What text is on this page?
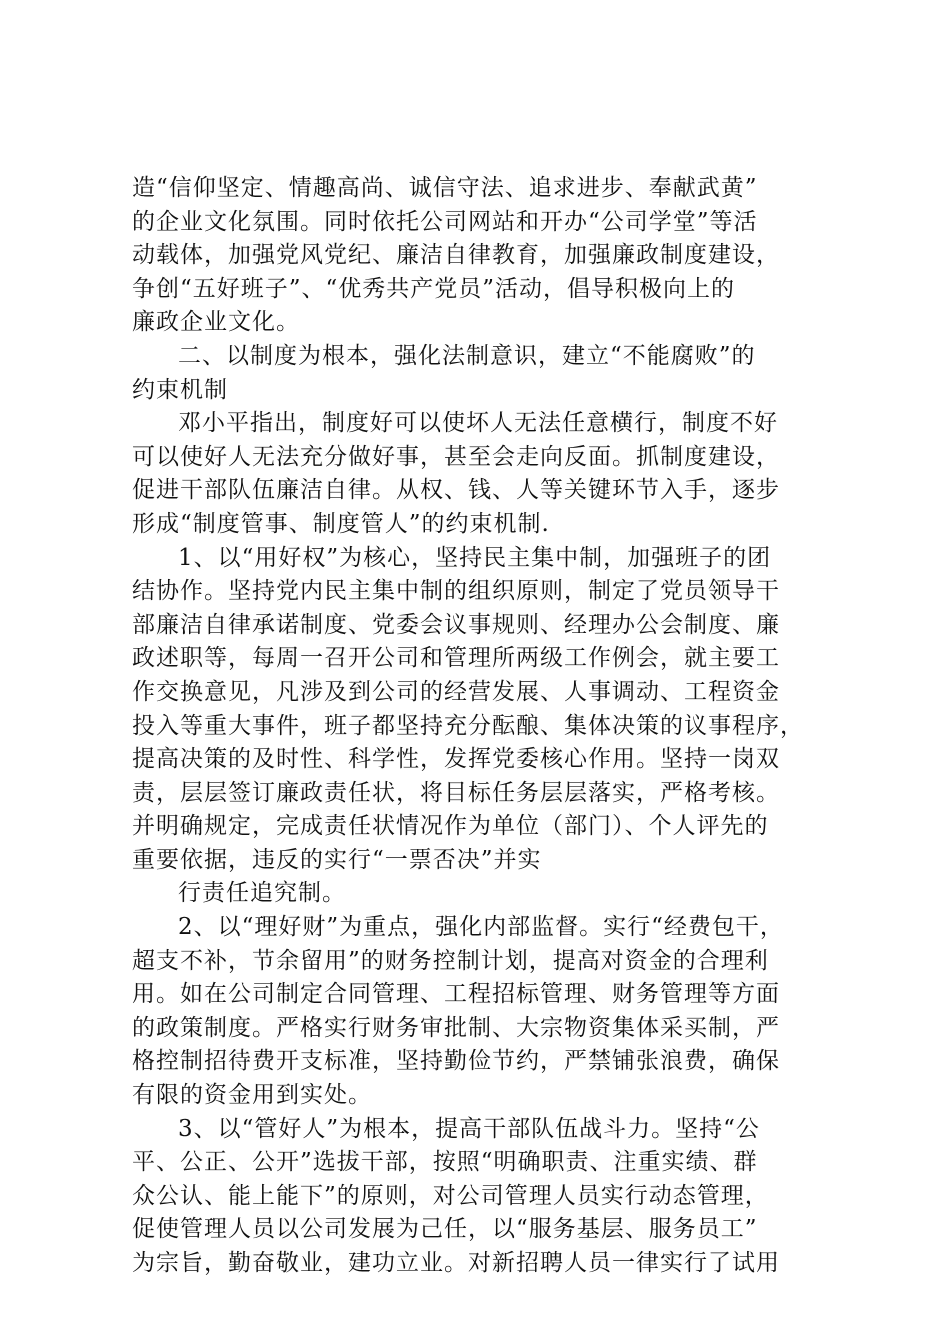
造“信仰坚定、情趣高尚、诚信守法、追求进步、奉献武黄”
的企业文化氛围。同时依托公司网站和开办“公司学堂”等活
动载体，加强党风党纪、廉洁自律教育，加强廉政制度建设，
争创“五好班子”、“优秀共产党员”活动，倡导积极向上的
廉政企业文化。
二、以制度为根本，强化法制意识，建立“不能腐败”的
约束机制
邓小平指出，制度好可以使坏人无法任意横行，制度不好
可以使好人无法充分做好事，甚至会走向反面。抓制度建设，
促进干部队伍廉洁自律。从权、钱、人等关键环节入手，逐步
形成“制度管事、制度管人”的约束机制.
1、以“用好权”为核心，坚持民主集中制，加强班子的团
结协作。坚持党内民主集中制的组织原则，制定了党员领导干
部廉洁自律承诺制度、党委会议事规则、经理办公会制度、廉
政述职等，每周一召开公司和管理所两级工作例会，就主要工
作交换意见，凡涉及到公司的经营发展、人事调动、工程资金
投入等重大事件，班子都坚持充分酝酿、集体决策的议事程序，
提高决策的及时性、科学性，发挥党委核心作用。坚持一岗双
责，层层签订廉政责任状，将目标任务层层落实，严格考核。
并明确规定，完成责任状情况作为单位（部门）、个人评先的
重要依据，违反的实行“一票否决”并实
行责任追究制。
2、以“理好财”为重点，强化内部监督。实行“经费包干，
超支不补，节余留用”的财务控制计划，提高对资金的合理利
用。如在公司制定合同管理、工程招标管理、财务管理等方面
的政策制度。严格实行财务审批制、大宗物资集体采买制，严
格控制招待费开支标准，坚持勤俭节约，严禁铺张浪费，确保
有限的资金用到实处。
3、以“管好人”为根本，提高干部队伍战斗力。坚持“公
平、公正、公开”选拔干部，按照“明确职责、注重实绩、群
众公认、能上能下”的原则，对公司管理人员实行动态管理，
促使管理人员以公司发展为己任，以“服务基层、服务员工”
为宗旨，勤奋敬业，建功立业。对新招聘人员一律实行了试用
